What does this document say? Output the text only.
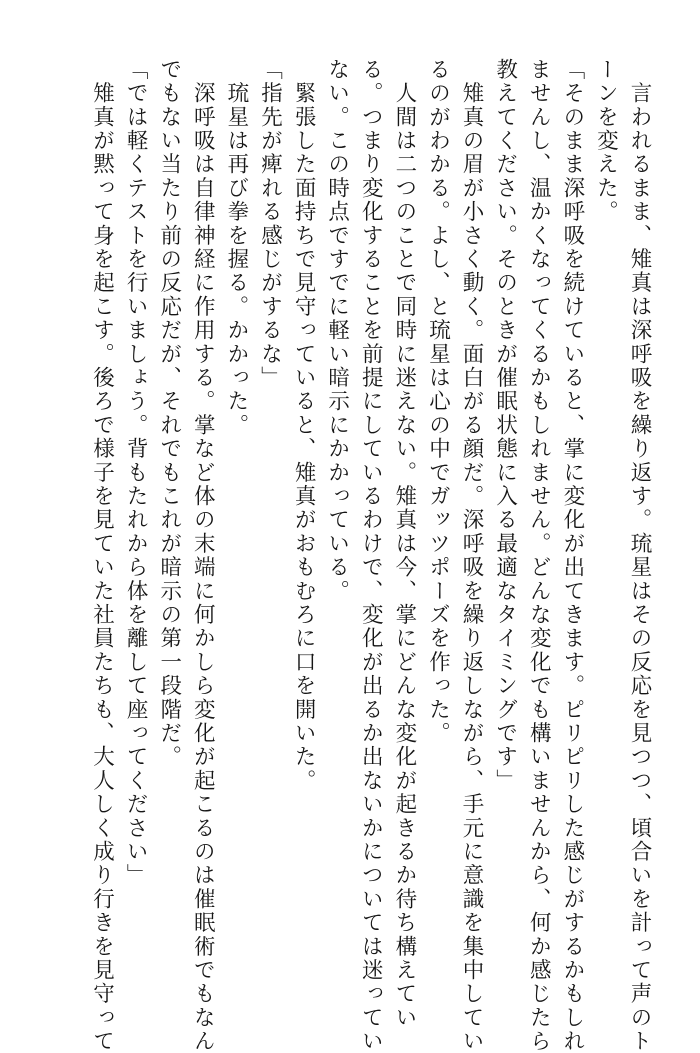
　言われるまま、雉真は深呼吸を繰り返す。琉星はその反応を見つつ、頃合いを計って声のト
ーンを変えた。
「そのまま深呼吸を続けていると、掌に変化が出てきます。ピリピリした感じがするかもしれ
ませんし、温かくなってくるかもしれません。どんな変化でも構いませんから、何か感じたら
教えてください。そのときが催眠状態に入る最適なタイミングです」
　雉真の眉が小さく動く。面白がる顔だ。深呼吸を繰り返しながら、手元に意識を集中してい
るのがわかる。よし、と琉星は心の中でガッツポーズを作った。
　人間は二つのことで同時に迷えない。雉真は今、掌にどんな変化が起きるか待ち構えてい
る。つまり変化することを前提にしているわけで、変化が出るか出ないかについては迷ってい
ない。この時点ですでに軽い暗示にかかっている。
　緊張した面持ちで見守っていると、雉真がおもむろに口を開いた。
「指先が痺れる感じがするな」
　琉星は再び拳を握る。かかった。
　深呼吸は自律神経に作用する。掌など体の末端に何かしら変化が起こるのは催眠術でもなん
でもない当たり前の反応だが、それでもこれが暗示の第一段階だ。
「では軽くテストを行いましょう。背もたれから体を離して座ってください」
　雉真が黙って身を起こす。後ろで様子を見ていた社員たちも、大人しく成り行きを見守って
